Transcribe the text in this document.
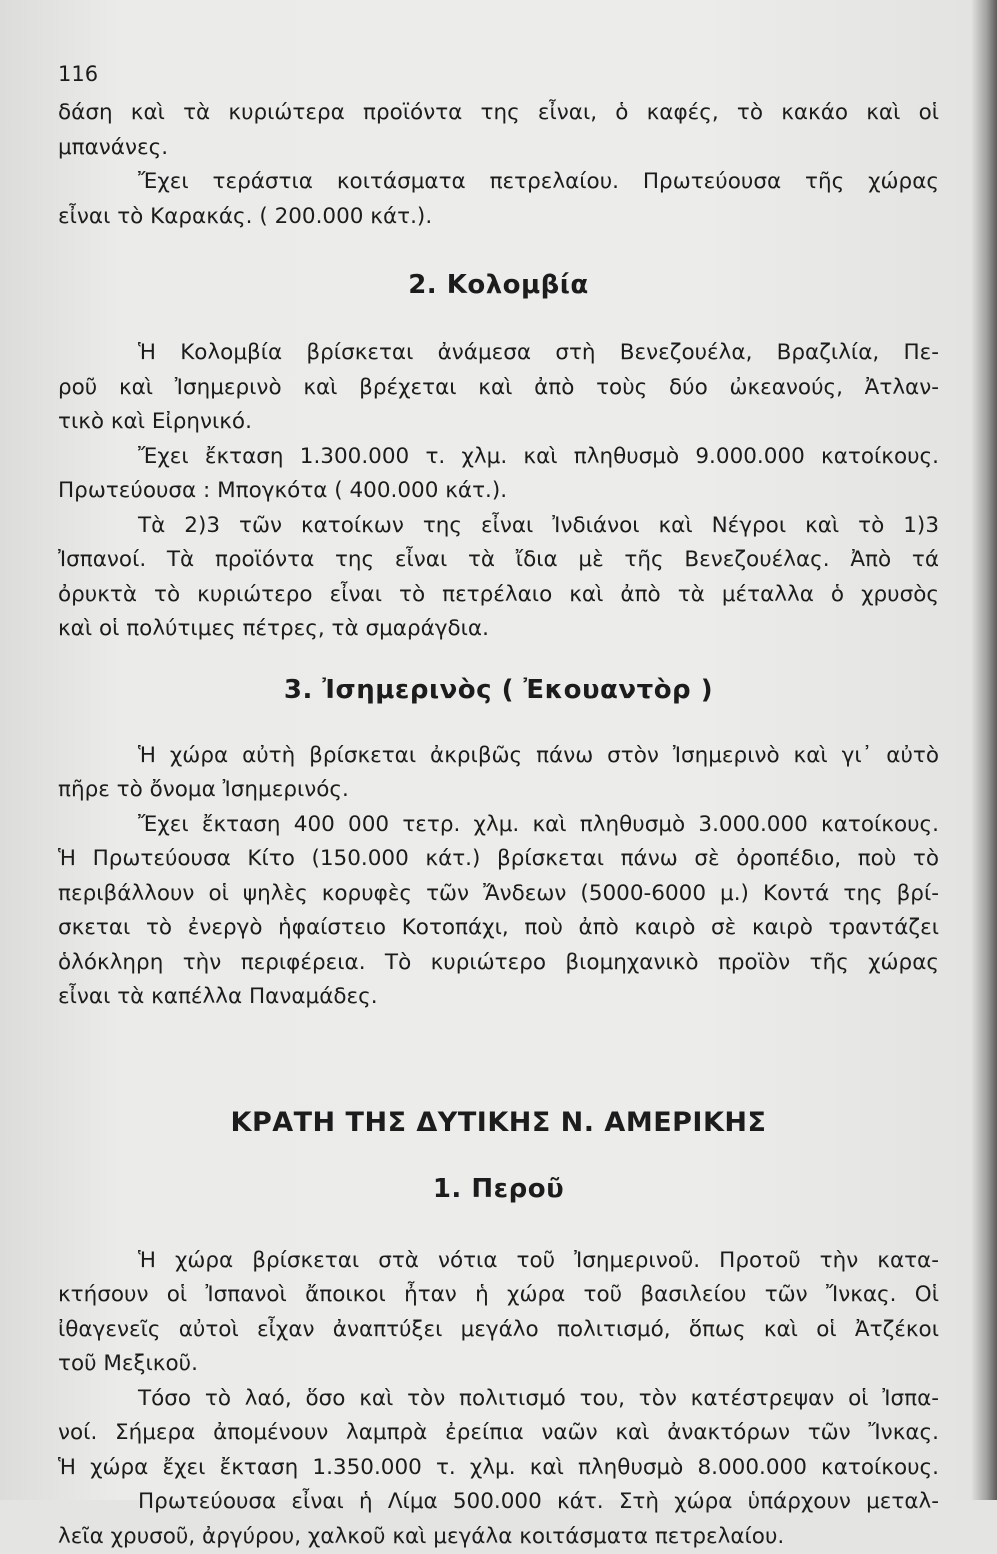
116

δάση καὶ τὰ κυριώτερα προϊόντα της εἶναι, ὁ καφές, τὸ κακάο καὶ οἱ

μπανάνες.

Ἔχει τεράστια κοιτάσματα πετρελαίου. Πρωτεύουσα τῆς χώρας

εἶναι τὸ Καρακάς. ( 200.000 κάτ.).

2. Κολομβία

Ἡ Κολομβία βρίσκεται ἀνάμεσα στὴ Βενεζουέλα, Βραζιλία, Πε-

ροῦ καὶ Ἰσημερινὸ καὶ βρέχεται καὶ ἀπὸ τοὺς δύο ὠκεανούς, Ἀτλαν-

τικὸ καὶ Εἰρηνικό.

Ἔχει ἔκταση 1.300.000 τ. χλμ. καὶ πληθυσμὸ 9.000.000 κατοίκους.

Πρωτεύουσα : Μπογκότα ( 400.000 κάτ.).

Τὰ 2)3 τῶν κατοίκων της εἶναι Ἰνδιάνοι καὶ Νέγροι καὶ τὸ 1)3

Ἰσπανοί. Τὰ προϊόντα της εἶναι τὰ ἴδια μὲ τῆς Βενεζουέλας. Ἀπὸ τά

ὀρυκτὰ τὸ κυριώτερο εἶναι τὸ πετρέλαιο καὶ ἀπὸ τὰ μέταλλα ὁ χρυσὸς

καὶ οἱ πολύτιμες πέτρες, τὰ σμαράγδια.

3. Ἰσημερινὸς ( Ἐκουαντὸρ )

Ἡ χώρα αὐτὴ βρίσκεται ἀκριβῶς πάνω στὸν Ἰσημερινὸ καὶ γι᾽ αὐτὸ

πῆρε τὸ ὄνομα Ἰσημερινός.

Ἔχει ἔκταση 400 000 τετρ. χλμ. καὶ πληθυσμὸ 3.000.000 κατοίκους.

Ἡ Πρωτεύουσα Κίτο (150.000 κάτ.) βρίσκεται πάνω σὲ ὀροπέδιο, ποὺ τὸ

περιβάλλουν οἱ ψηλὲς κορυφὲς τῶν Ἄνδεων (5000-6000 μ.) Κοντά της βρί-

σκεται τὸ ἐνεργὸ ἡφαίστειο Κοτοπάχι, ποὺ ἀπὸ καιρὸ σὲ καιρὸ τραντάζει

ὁλόκληρη τὴν περιφέρεια. Τὸ κυριώτερο βιομηχανικὸ προϊὸν τῆς χώρας

εἶναι τὰ καπέλλα Παναμάδες.

ΚΡΑΤΗ ΤΗΣ ΔΥΤΙΚΗΣ Ν. ΑΜΕΡΙΚΗΣ
1. Περοῦ

Ἡ χώρα βρίσκεται στὰ νότια τοῦ Ἰσημερινοῦ. Προτοῦ τὴν κατα-

κτήσουν οἱ Ἰσπανοὶ ἄποικοι ἦταν ἡ χώρα τοῦ βασιλείου τῶν Ἴνκας. Οἱ

ἰθαγενεῖς αὐτοὶ εἶχαν ἀναπτύξει μεγάλο πολιτισμό, ὅπως καὶ οἱ Ἀτζέκοι

τοῦ Μεξικοῦ.

Τόσο τὸ λαό, ὅσο καὶ τὸν πολιτισμό του, τὸν κατέστρεψαν οἱ Ἰσπα-

νοί. Σήμερα ἀπομένουν λαμπρὰ ἐρείπια ναῶν καὶ ἀνακτόρων τῶν Ἴνκας.

Ἡ χώρα ἔχει ἔκταση 1.350.000 τ. χλμ. καὶ πληθυσμὸ 8.000.000 κατοίκους.

Πρωτεύουσα εἶναι ἡ Λίμα 500.000 κάτ. Στὴ χώρα ὑπάρχουν μεταλ-

λεῖα χρυσοῦ, ἀργύρου, χαλκοῦ καὶ μεγάλα κοιτάσματα πετρελαίου.
